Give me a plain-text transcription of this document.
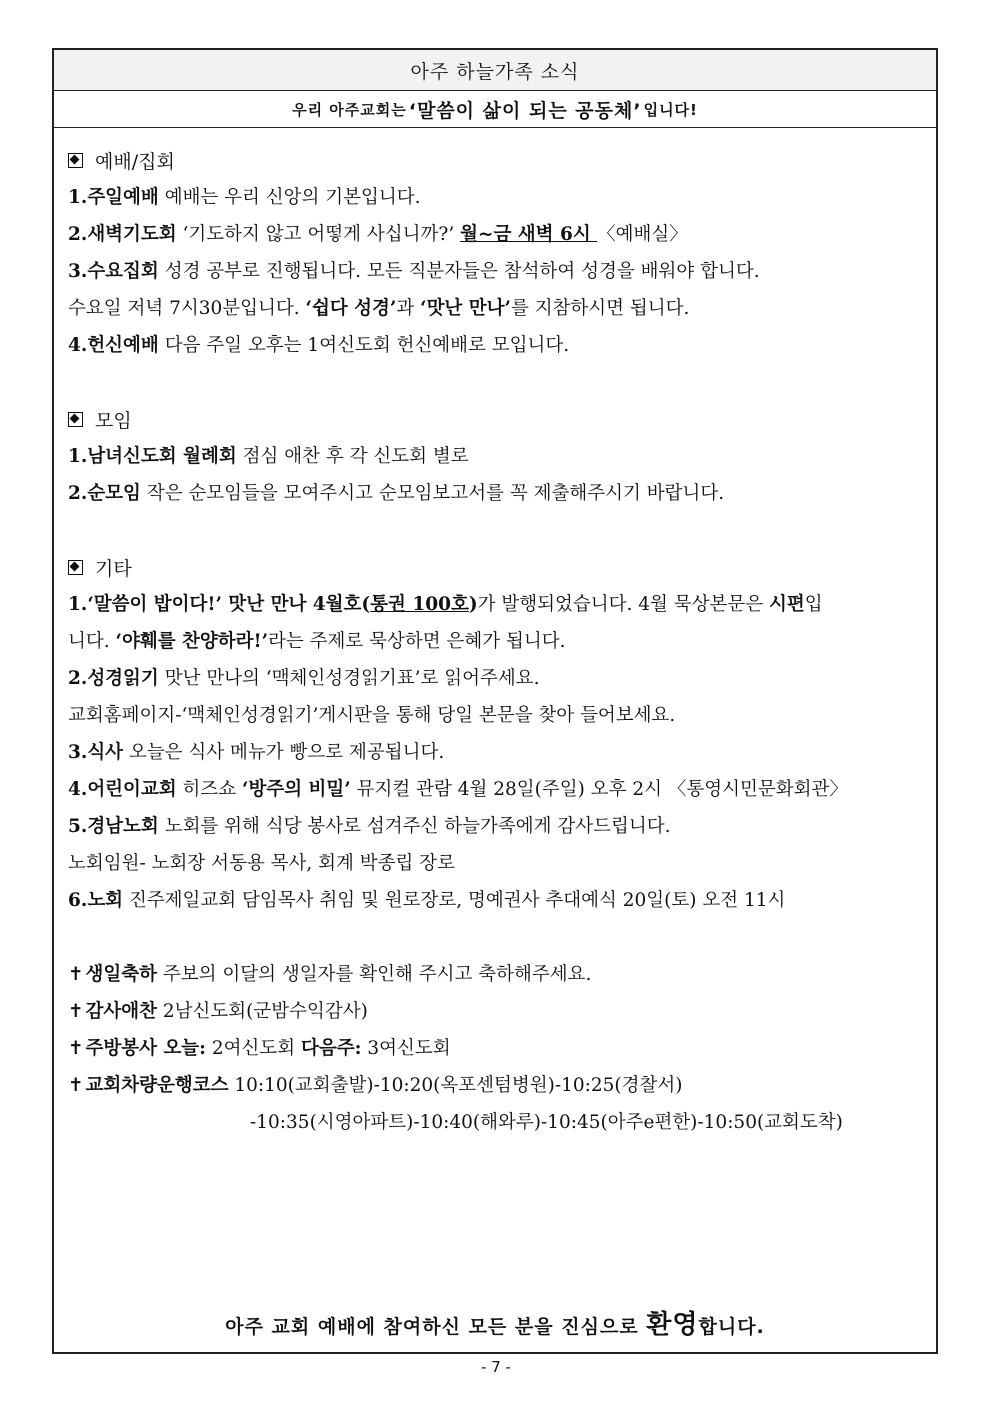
아주 하늘가족 소식
우리 아주교회는 ‘말씀이 삶이 되는 공동체’ 입니다!
예배/집회
1.주일예배 예배는 우리 신앙의 기본입니다.
2.새벽기도회 ‘기도하지 않고 어떻게 사십니까?’ 월~금 새벽 6시 〈예배실〉
3.수요집회 성경 공부로 진행됩니다. 모든 직분자들은 참석하여 성경을 배워야 합니다.
수요일 저녁 7시30분입니다. ‘쉽다 성경’과 ‘맛난 만나’를 지참하시면 됩니다.
4.헌신예배 다음 주일 오후는 1여신도회 헌신예배로 모입니다.
모임
1.남녀신도회 월례회 점심 애찬 후 각 신도회 별로
2.순모임 작은 순모임들을 모여주시고 순모임보고서를 꼭 제출해주시기 바랍니다.
기타
1.‘말씀이 밥이다!’ 맛난 만나 4월호(통권 100호)가 발행되었습니다. 4월 묵상본문은 시편입
니다. ‘야훼를 찬양하라!’라는 주제로 묵상하면 은혜가 됩니다.
2.성경읽기 맛난 만나의 ‘맥체인성경읽기표’로 읽어주세요.
교회홈페이지-‘맥체인성경읽기’게시판을 통해 당일 본문을 찾아 들어보세요.
3.식사 오늘은 식사 메뉴가 빵으로 제공됩니다.
4.어린이교회 히즈쇼 ‘방주의 비밀’ 뮤지컬 관람 4월 28일(주일) 오후 2시 〈통영시민문화회관〉
5.경남노회 노회를 위해 식당 봉사로 섬겨주신 하늘가족에게 감사드립니다.
노회임원- 노회장 서동용 목사, 회계 박종립 장로
6.노회 진주제일교회 담임목사 취임 및 원로장로, 명예권사 추대예식 20일(토) 오전 11시
✝ 생일축하 주보의 이달의 생일자를 확인해 주시고 축하해주세요.
✝ 감사애찬 2남신도회(군밤수익감사)
✝ 주방봉사 오늘: 2여신도회 다음주: 3여신도회
✝ 교회차량운행코스 10:10(교회출발)-10:20(옥포센텀병원)-10:25(경찰서)
-10:35(시영아파트)-10:40(해와루)-10:45(아주e편한)-10:50(교회도착)
아주 교회 예배에 참여하신 모든 분을 진심으로 환영합니다.
- 7 -
